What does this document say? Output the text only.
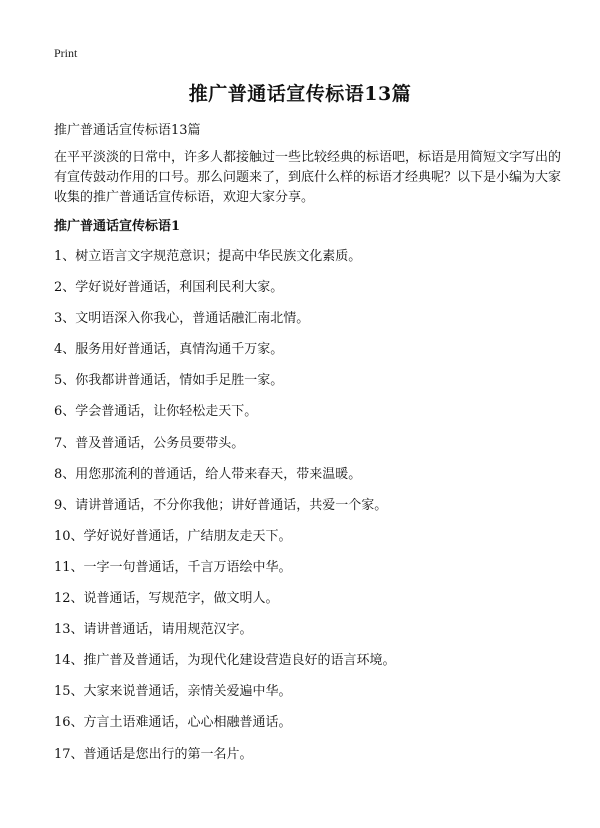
Print
推广普通话宣传标语13篇

推广普通话宣传标语13篇

在平平淡淡的日常中，许多人都接触过一些比较经典的标语吧，标语是用简短文字写出的有宣传鼓动作用的口号。那么问题来了，到底什么样的标语才经典呢？以下是小编为大家收集的推广普通话宣传标语，欢迎大家分享。

推广普通话宣传标语1
1、树立语言文字规范意识；提高中华民族文化素质。
2、学好说好普通话，利国利民利大家。
3、文明语深入你我心，普通话融汇南北情。
4、服务用好普通话，真情沟通千万家。
5、你我都讲普通话，情如手足胜一家。
6、学会普通话，让你轻松走天下。
7、普及普通话，公务员要带头。
8、用您那流利的普通话，给人带来春天，带来温暖。
9、请讲普通话，不分你我他；讲好普通话，共爱一个家。
10、学好说好普通话，广结朋友走天下。
11、一字一句普通话，千言万语绘中华。
12、说普通话，写规范字，做文明人。
13、请讲普通话，请用规范汉字。
14、推广普及普通话，为现代化建设营造良好的语言环境。
15、大家来说普通话，亲情关爱遍中华。
16、方言土语难通话，心心相融普通话。
17、普通话是您出行的第一名片。
